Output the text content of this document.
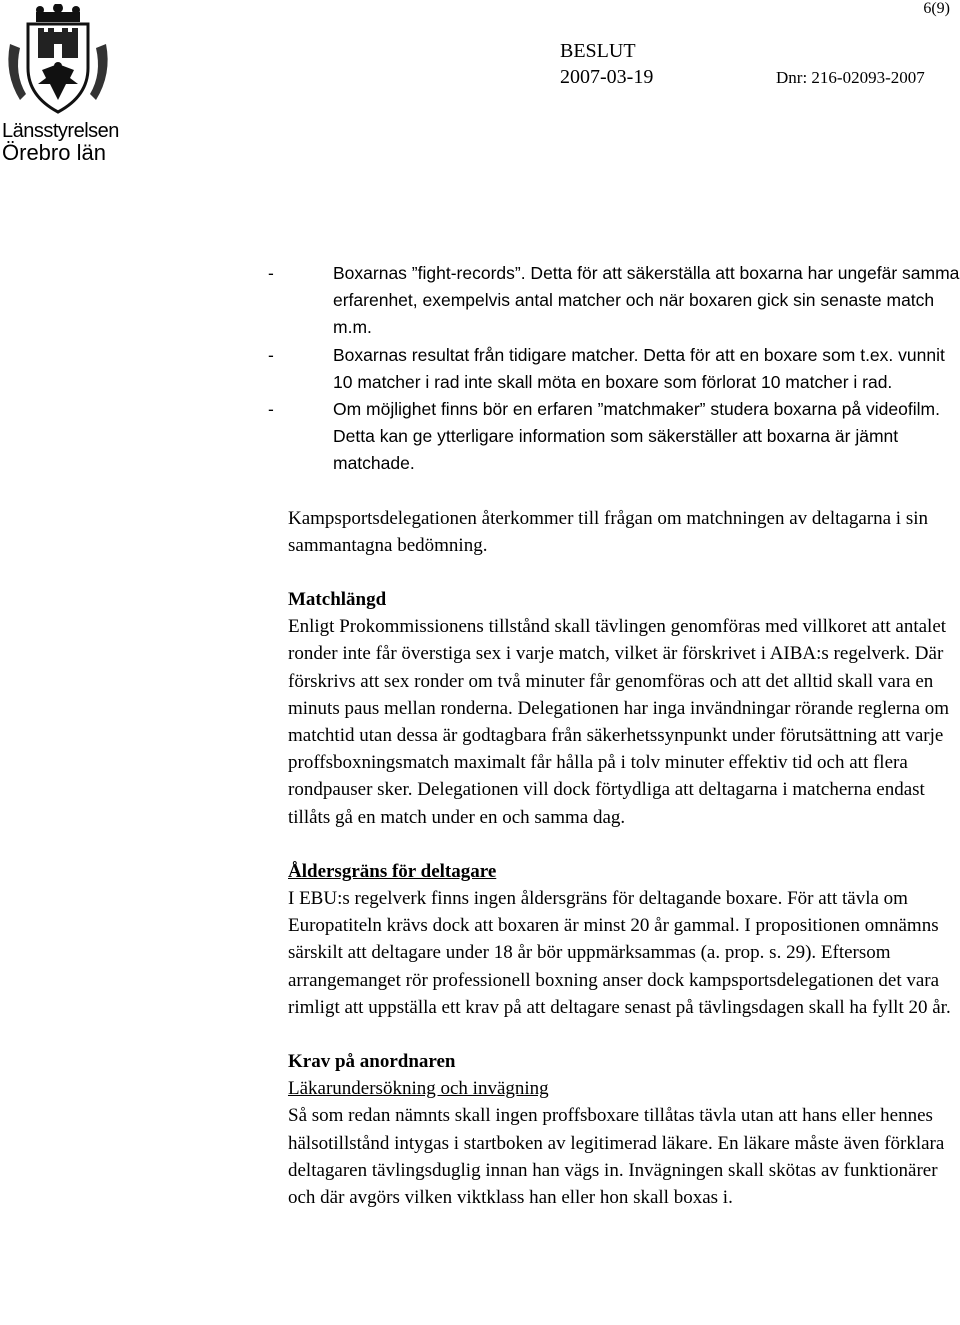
6(9)
Länsstyrelsen
Örebro län
BESLUT
2007-03-19	Dnr: 216-02093-2007
-	Boxarnas ”fight-records”. Detta för att säkerställa att boxarna har ungefär samma erfarenhet, exempelvis antal matcher och när boxaren gick sin senaste match m.m.
-	Boxarnas resultat från tidigare matcher. Detta för att en boxare som t.ex. vunnit 10 matcher i rad inte skall möta en boxare som förlorat 10 matcher i rad.
-	Om möjlighet finns bör en erfaren ”matchmaker” studera boxarna på videofilm. Detta kan ge ytterligare information som säkerställer att boxarna är jämnt matchade.
Kampsportsdelegationen återkommer till frågan om matchningen av deltagarna i sin sammantagna bedömning.
Matchlängd
Enligt Prokommissionens tillstånd skall tävlingen genomföras med villkoret att antalet ronder inte får överstiga sex i varje match, vilket är förskrivet i AIBA:s regelverk. Där förskrivs att sex ronder om två minuter får genomföras och att det alltid skall vara en minuts paus mellan ronderna. Delegationen har inga invändningar rörande reglerna om matchtid utan dessa är godtagbara från säkerhetssynpunkt under förutsättning att varje proffsboxningsmatch maximalt får hålla på i tolv minuter effektiv tid och att flera rondpauser sker. Delegationen vill dock förtydliga att deltagarna i matcherna endast tillåts gå en match under en och samma dag.
Åldersgräns för deltagare
I EBU:s regelverk finns ingen åldersgräns för deltagande boxare. För att tävla om Europatiteln krävs dock att boxaren är minst 20 år gammal. I propositionen omnämns särskilt att deltagare under 18 år bör uppmärksammas (a. prop. s. 29). Eftersom arrangemanget rör professionell boxning anser dock kampsportsdelegationen det vara rimligt att uppställa ett krav på att deltagare senast på tävlingsdagen skall ha fyllt 20 år.
Krav på anordnaren
Läkarundersökning och invägning
Så som redan nämnts skall ingen proffsboxare tillåtas tävla utan att hans eller hennes hälsotillstånd intygas i startboken av legitimerad läkare. En läkare måste även förklara deltagaren tävlingsduglig innan han vägs in. Invägningen skall skötas av funktionärer och där avgörs vilken viktklass han eller hon skall boxas i.
